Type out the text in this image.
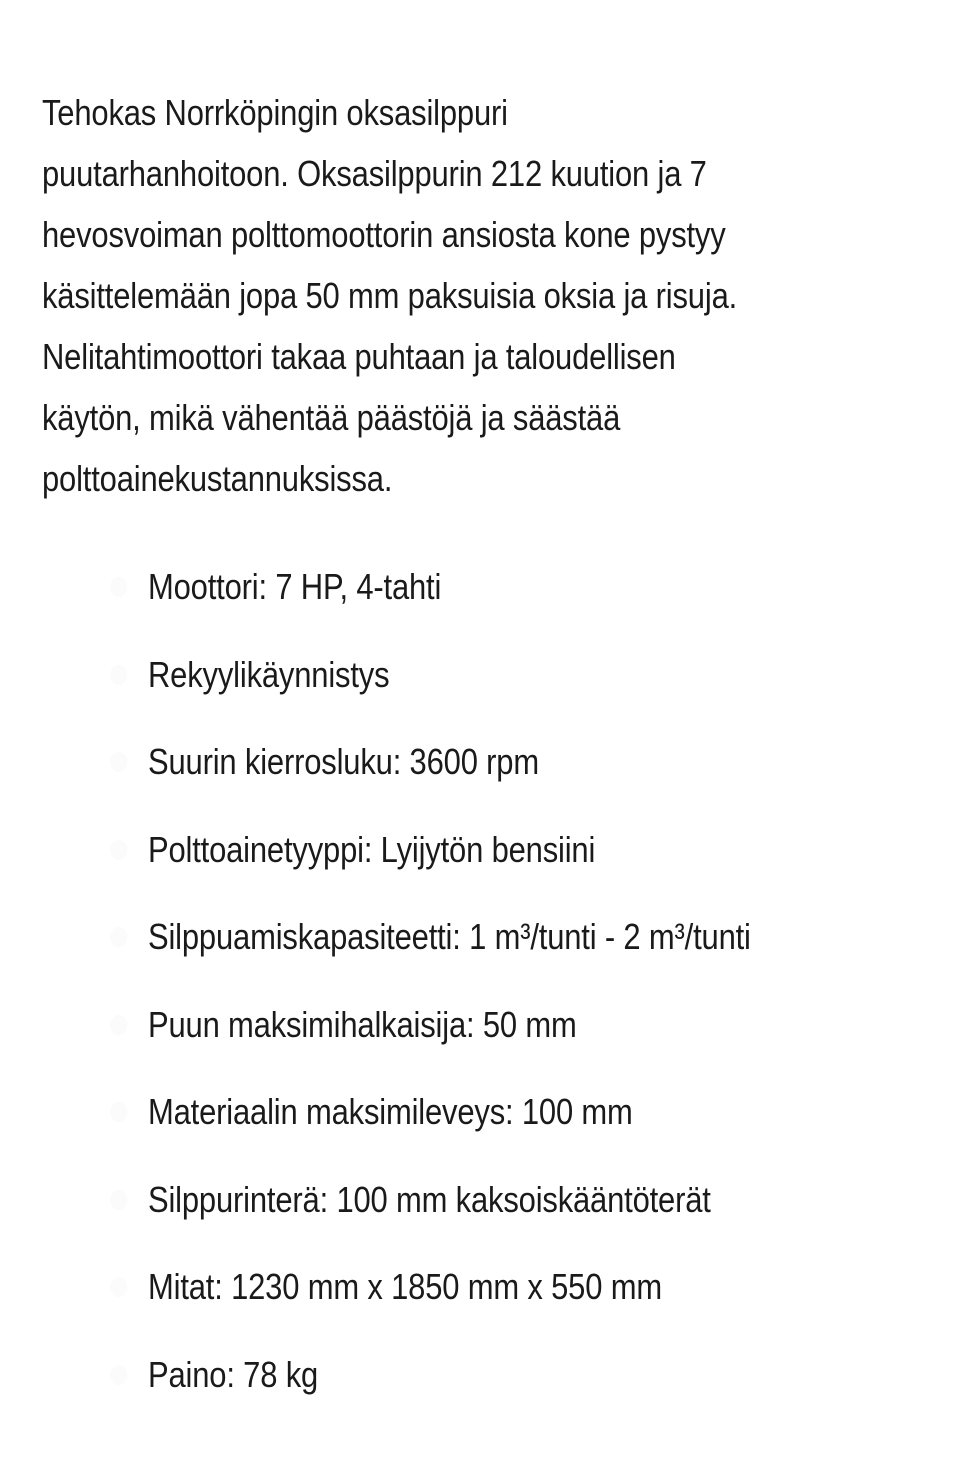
Tehokas Norrköpingin oksasilppuri
puutarhanhoitoon. Oksasilppurin 212 kuution ja 7
hevosvoiman polttomoottorin ansiosta kone pystyy
käsittelemään jopa 50 mm paksuisia oksia ja risuja.
Nelitahtimoottori takaa puhtaan ja taloudellisen
käytön, mikä vähentää päästöjä ja säästää
polttoainekustannuksissa.
Moottori: 7 HP, 4-tahti
Rekyylikäynnistys
Suurin kierrosluku: 3600 rpm
Polttoainetyyppi: Lyijytön bensiini
Silppuamiskapasiteetti: 1 m³/tunti - 2 m³/tunti
Puun maksimihalkaisija: 50 mm
Materiaalin maksimileveys: 100 mm
Silppurinterä: 100 mm kaksoiskääntöterät
Mitat: 1230 mm x 1850 mm x 550 mm
Paino: 78 kg
